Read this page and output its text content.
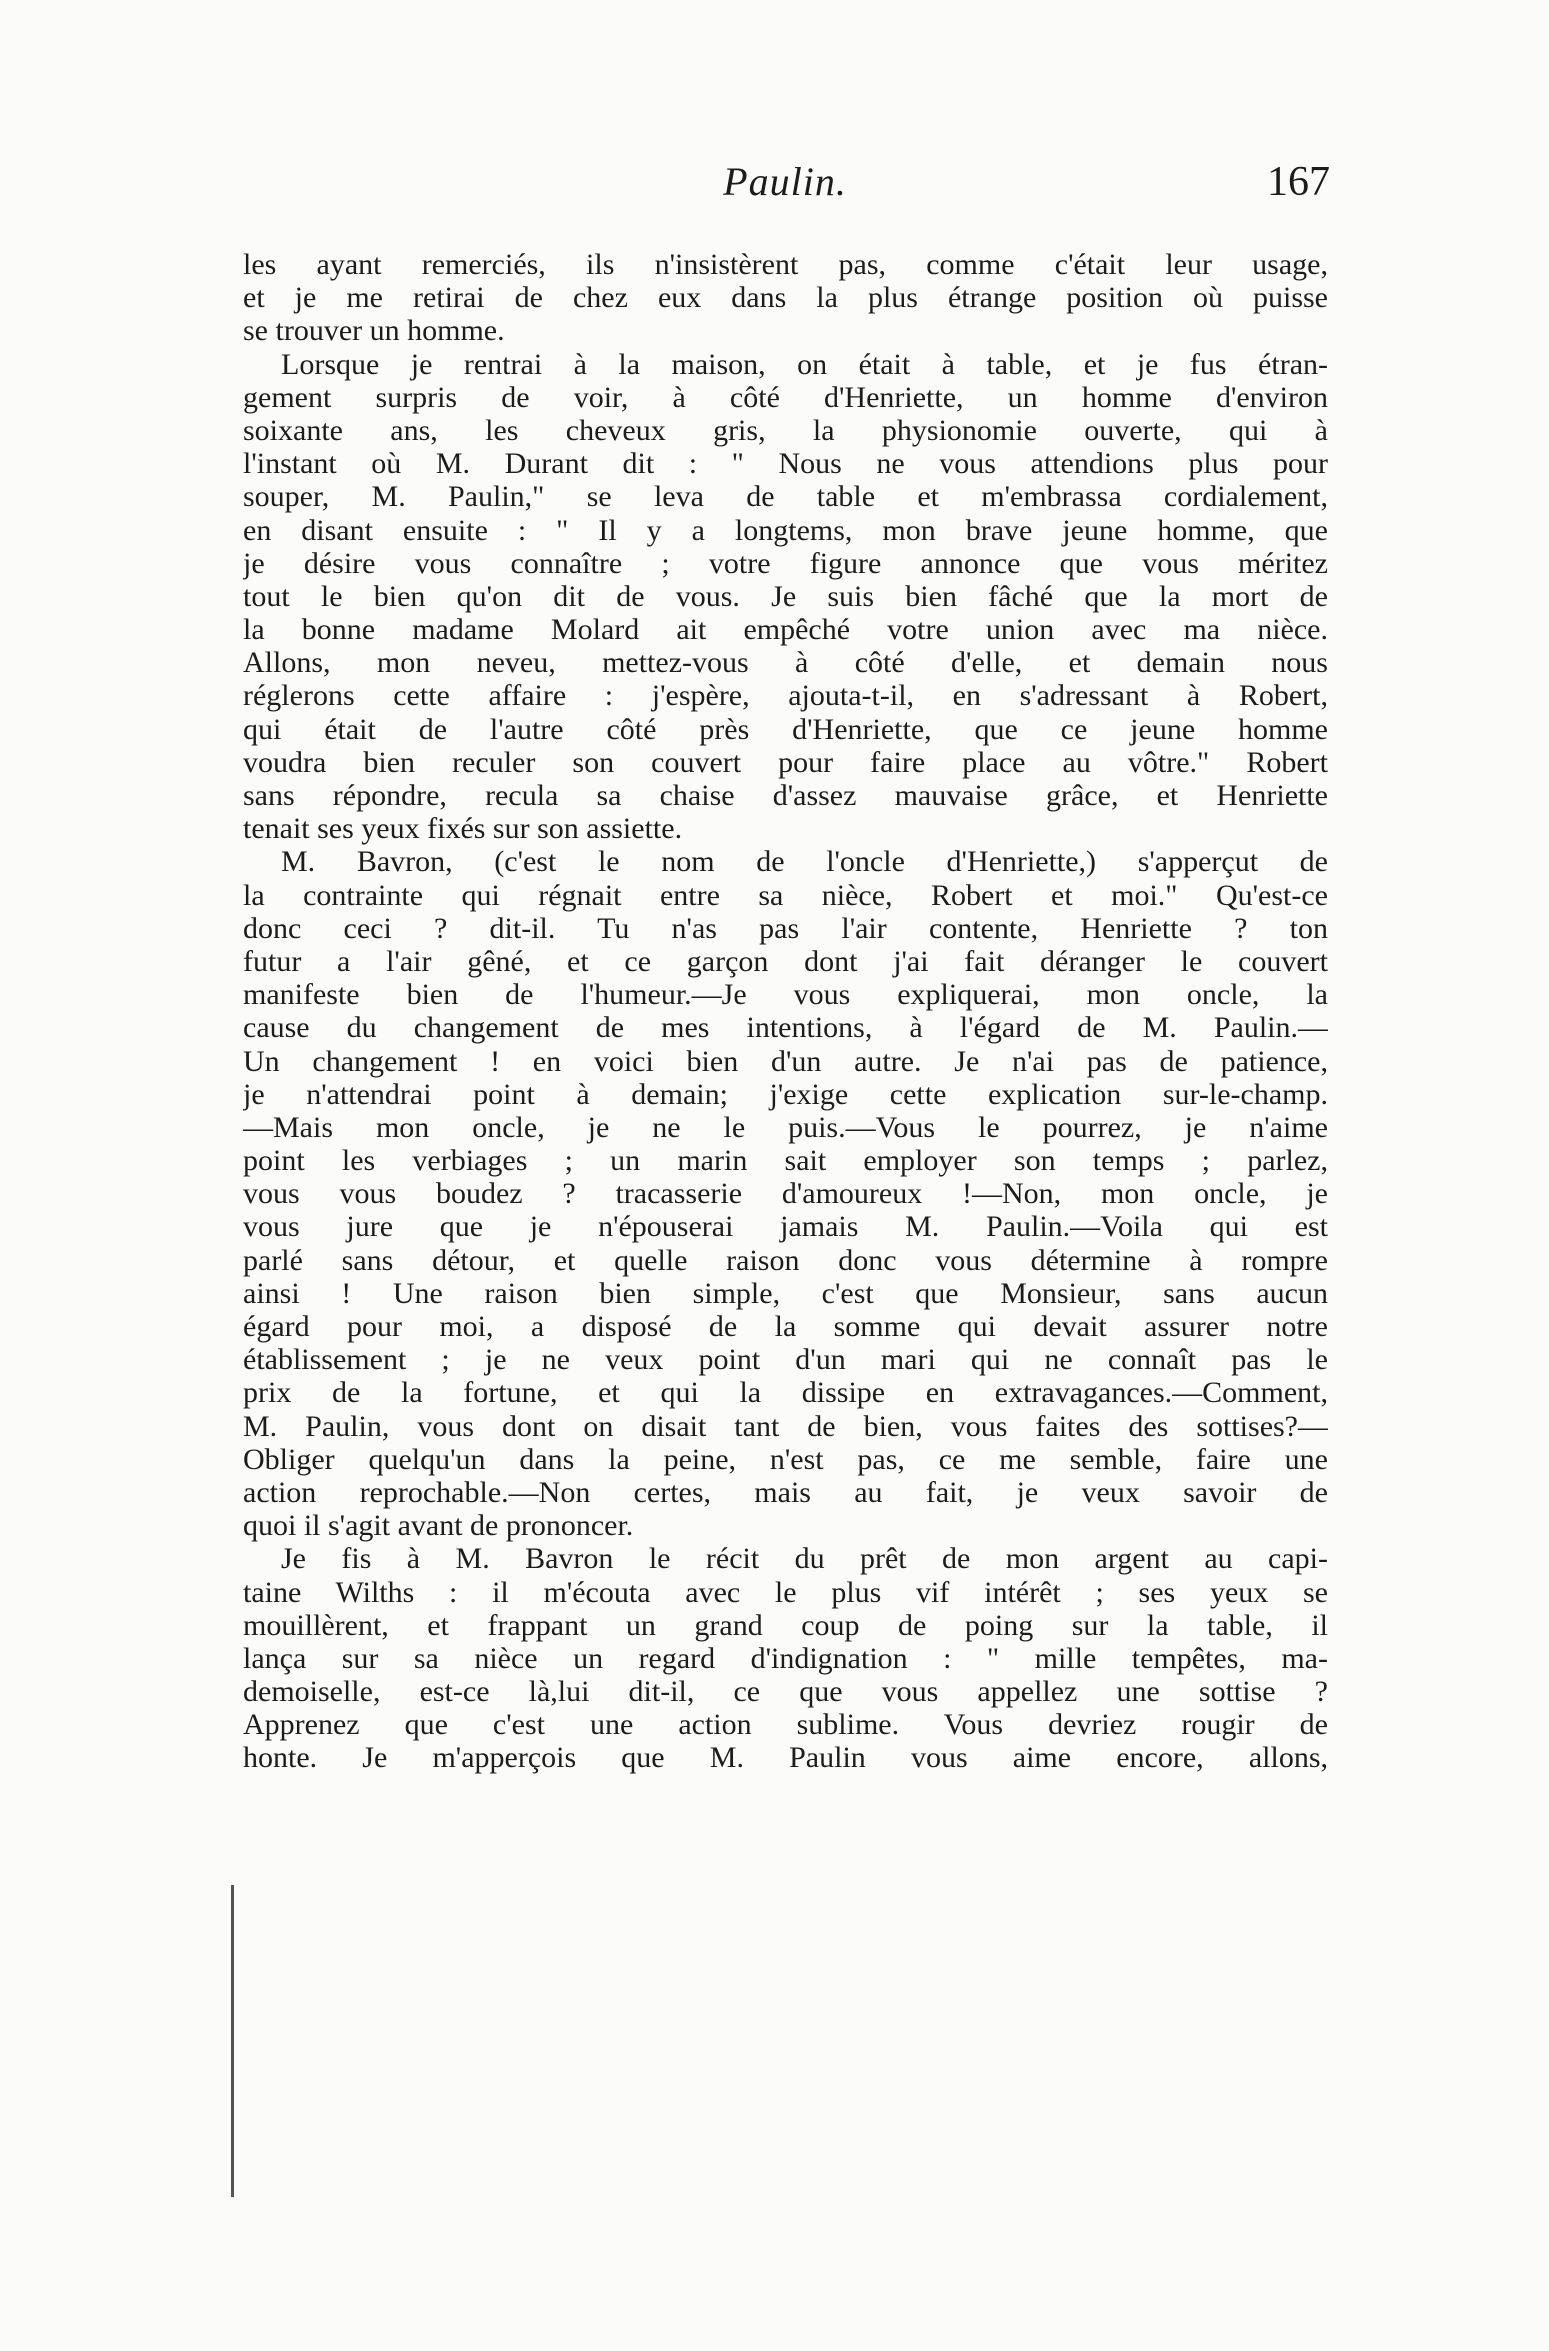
Paulin.	167
les ayant remerciés, ils n'insistèrent pas, comme c'était leur usage,
et je me retirai de chez eux dans la plus étrange position où puisse
se trouver un homme.
Lorsque je rentrai à la maison, on était à table, et je fus étran-
gement surpris de voir, à côté d'Henriette, un homme d'environ
soixante ans, les cheveux gris, la physionomie ouverte, qui à
l'instant où M. Durant dit : " Nous ne vous attendions plus pour
souper, M. Paulin," se leva de table et m'embrassa cordialement,
en disant ensuite : " Il y a longtems, mon brave jeune homme, que
je désire vous connaître ; votre figure annonce que vous méritez
tout le bien qu'on dit de vous. Je suis bien fâché que la mort de
la bonne madame Molard ait empêché votre union avec ma nièce.
Allons, mon neveu, mettez-vous à côté d'elle, et demain nous
réglerons cette affaire : j'espère, ajouta-t-il, en s'adressant à Robert,
qui était de l'autre côté près d'Henriette, que ce jeune homme
voudra bien reculer son couvert pour faire place au vôtre." Robert
sans répondre, recula sa chaise d'assez mauvaise grâce, et Henriette
tenait ses yeux fixés sur son assiette.
M. Bavron, (c'est le nom de l'oncle d'Henriette,) s'apperçut de
la contrainte qui régnait entre sa nièce, Robert et moi." Qu'est-ce
donc ceci ? dit-il. Tu n'as pas l'air contente, Henriette ? ton
futur a l'air gêné, et ce garçon dont j'ai fait déranger le couvert
manifeste bien de l'humeur.—Je vous expliquerai, mon oncle, la
cause du changement de mes intentions, à l'égard de M. Paulin.—
Un changement ! en voici bien d'un autre. Je n'ai pas de patience,
je n'attendrai point à demain; j'exige cette explication sur-le-champ.
—Mais mon oncle, je ne le puis.—Vous le pourrez, je n'aime
point les verbiages ; un marin sait employer son temps ; parlez,
vous vous boudez ? tracasserie d'amoureux !—Non, mon oncle, je
vous jure que je n'épouserai jamais M. Paulin.—Voila qui est
parlé sans détour, et quelle raison donc vous détermine à rompre
ainsi ! Une raison bien simple, c'est que Monsieur, sans aucun
égard pour moi, a disposé de la somme qui devait assurer notre
établissement ; je ne veux point d'un mari qui ne connaît pas le
prix de la fortune, et qui la dissipe en extravagances.—Comment,
M. Paulin, vous dont on disait tant de bien, vous faites des sottises?—
Obliger quelqu'un dans la peine, n'est pas, ce me semble, faire une
action reprochable.—Non certes, mais au fait, je veux savoir de
quoi il s'agit avant de prononcer.
Je fis à M. Bavron le récit du prêt de mon argent au capi-
taine Wilths : il m'écouta avec le plus vif intérêt ; ses yeux se
mouillèrent, et frappant un grand coup de poing sur la table, il
lança sur sa nièce un regard d'indignation : " mille tempêtes, ma-
demoiselle, est-ce là,lui dit-il, ce que vous appellez une sottise ?
Apprenez que c'est une action sublime. Vous devriez rougir de
honte. Je m'apperçois que M. Paulin vous aime encore, allons,
